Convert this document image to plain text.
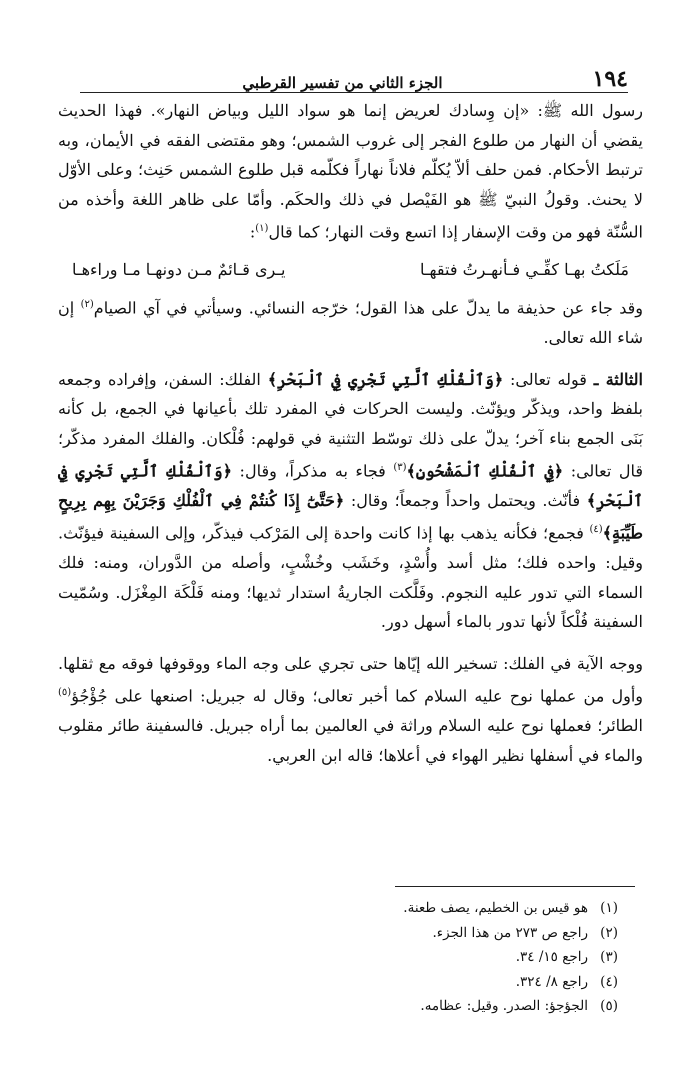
١٩٤
الجزء الثاني من تفسير القرطبي

رسول الله ﷺ: «إن وِسادك لعريض إنما هو سواد الليل وبياض النهار». فهذا الحديث يقضي أن النهار من طلوع الفجر إلى غروب الشمس؛ وهو مقتضى الفقه في الأيمان، وبه ترتبط الأحكام. فمن حلف ألاّ يُكلّم فلاناً نهاراً فكلّمه قبل طلوع الشمس حَنِث؛ وعلى الأوّل لا يحنث. وقولُ النبيّ ﷺ هو الفَيْصل في ذلك والحكَم. وأمّا على ظاهر اللغة وأخذه من السُّنّة فهو من وقت الإسفار إذا اتسع وقت النهار؛ كما قال$^{(١)}$:

مَلَكتُ بهـا كفِّـي فـأنهـرتُ فتقهـا
يـرى قـائمٌ مـن دونهـا مـا وراءهـا

وقد جاء عن حذيفة ما يدلّ على هذا القول؛ خرّجه النسائي. وسيأتي في آي الصيام$^{(٢)}$ إن شاء الله تعالى.

الثالثة ـ قوله تعالى: ﴿وَٱلْفُلْكِ ٱلَّتِي تَجْرِي فِي ٱلْبَحْرِ﴾ الفلك: السفن، وإفراده وجمعه بلفظ واحد، ويذكّر ويؤنّث. وليست الحركات في المفرد تلك بأعيانها في الجمع، بل كأنه بَنَى الجمع بناء آخر؛ يدلّ على ذلك توسّط التثنية في قولهم: فُلْكان. والفلك المفرد مذكّر؛ قال تعالى: ﴿فِي ٱلْفُلْكِ ٱلْمَشْحُونِ﴾$^{(٣)}$ فجاء به مذكراً، وقال: ﴿وَٱلْفُلْكِ ٱلَّتِي تَجْرِي فِي ٱلْبَحْرِ﴾ فأنّث. ويحتمل واحداً وجمعاً؛ وقال: ﴿حَتَّىٰٓ إِذَا كُنتُمْ فِي ٱلْفُلْكِ وَجَرَيْنَ بِهِم بِرِيحٍ طَيِّبَةٍ﴾$^{(٤)}$ فجمع؛ فكأنه يذهب بها إذا كانت واحدة إلى المَرْكب فيذكّر، وإلى السفينة فيؤنّث. وقيل: واحده فلك؛ مثل أسد وأُسْدٍ، وخَشَب وخُشْبٍ، وأصله من الدَّوران، ومنه: فلك السماء التي تدور عليه النجوم. وفَلَّكت الجاريةُ استدار ثديها؛ ومنه فَلْكَة المِغْزَل. وسُمّيت السفينة فُلْكاً لأنها تدور بالماء أسهل دور.

ووجه الآية في الفلك: تسخير الله إيّاها حتى تجري على وجه الماء ووقوفها فوقه مع ثقلها. وأول من عملها نوح عليه السلام كما أخبر تعالى؛ وقال له جبريل: اصنعها على جُؤْجُؤ$^{(٥)}$ الطائر؛ فعملها نوح عليه السلام وراثة في العالمين بما أراه جبريل. فالسفينة طائر مقلوب والماء في أسفلها نظير الهواء في أعلاها؛ قاله ابن العربي.

(١)هو قيس بن الخطيم، يصف طعنة.
(٢)راجع ص ٢٧٣ من هذا الجزء.
(٣)راجع ١٥/ ٣٤.
(٤)راجع ٨/ ٣٢٤.
(٥)الجؤجؤ: الصدر. وقيل: عظامه.
